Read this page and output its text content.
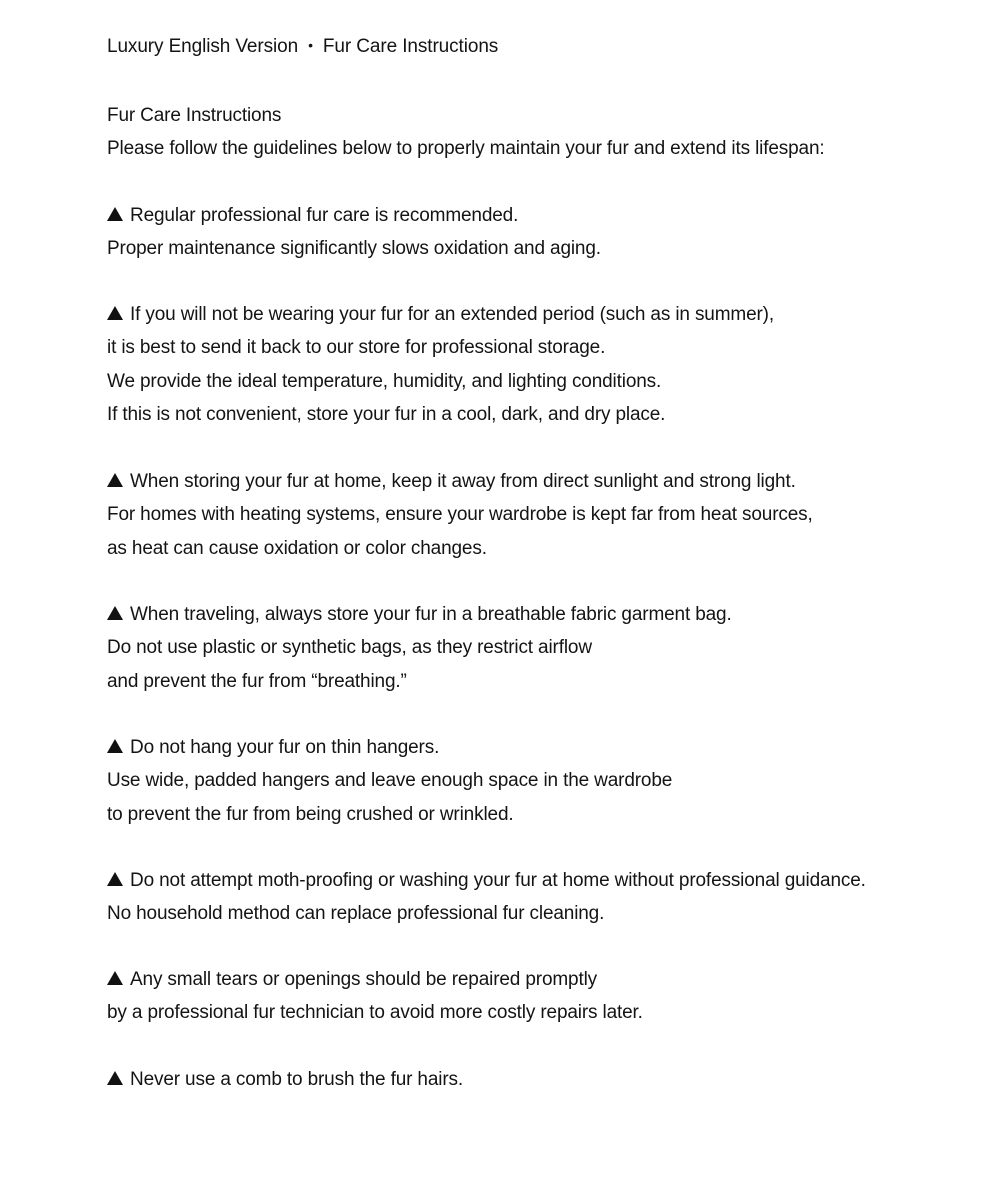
Luxury English Version • Fur Care Instructions
Fur Care Instructions
Please follow the guidelines below to properly maintain your fur and extend its lifespan:
Regular professional fur care is recommended.
Proper maintenance significantly slows oxidation and aging.
If you will not be wearing your fur for an extended period (such as in summer),
it is best to send it back to our store for professional storage.
We provide the ideal temperature, humidity, and lighting conditions.
If this is not convenient, store your fur in a cool, dark, and dry place.
When storing your fur at home, keep it away from direct sunlight and strong light.
For homes with heating systems, ensure your wardrobe is kept far from heat sources,
as heat can cause oxidation or color changes.
When traveling, always store your fur in a breathable fabric garment bag.
Do not use plastic or synthetic bags, as they restrict airflow
and prevent the fur from “breathing.”
Do not hang your fur on thin hangers.
Use wide, padded hangers and leave enough space in the wardrobe
to prevent the fur from being crushed or wrinkled.
Do not attempt moth-proofing or washing your fur at home without professional guidance.
No household method can replace professional fur cleaning.
Any small tears or openings should be repaired promptly
by a professional fur technician to avoid more costly repairs later.
Never use a comb to brush the fur hairs.
